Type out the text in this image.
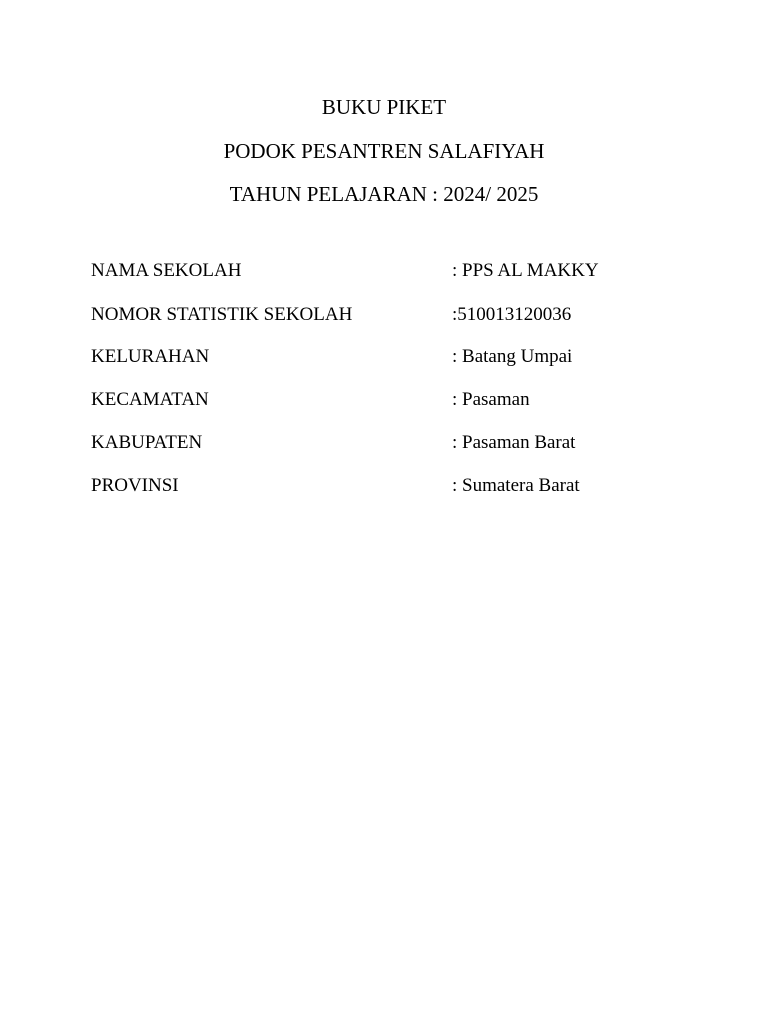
BUKU PIKET
PODOK PESANTREN SALAFIYAH
TAHUN PELAJARAN : 2024/ 2025
NAMA SEKOLAH	: PPS AL MAKKY
NOMOR STATISTIK SEKOLAH	:510013120036
KELURAHAN	: Batang Umpai
KECAMATAN	: Pasaman
KABUPATEN	: Pasaman Barat
PROVINSI	: Sumatera Barat
